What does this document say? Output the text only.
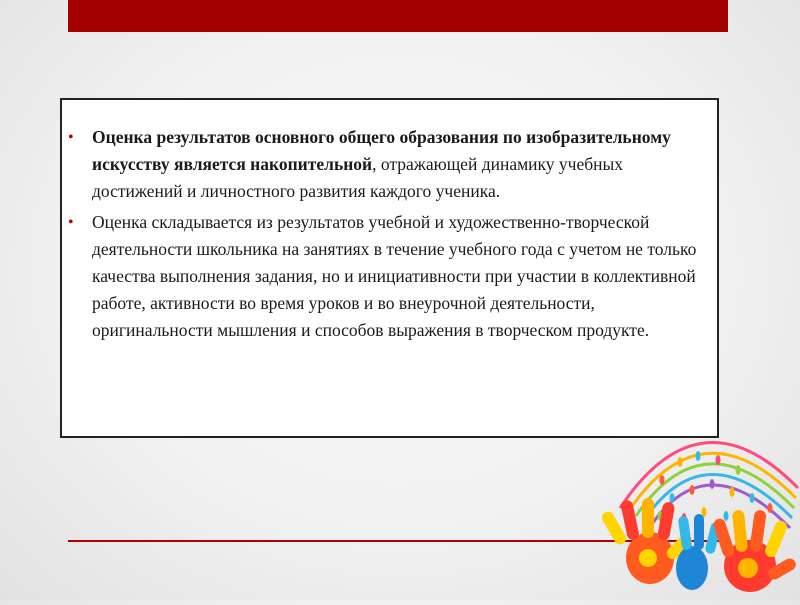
• Оценка результатов основного общего образования по изобразительному искусству является накопительной, отражающей динамику учебных достижений и личностного развития каждого ученика.
• Оценка складывается из результатов учебной и художественно-творческой деятельности школьника на занятиях в течение учебного года с учетом не только качества выполнения задания, но и инициативности при участии в коллективной работе, активности во время уроков и во внеурочной деятельности, оригинальности мышления и способов выражения в творческом продукте.
